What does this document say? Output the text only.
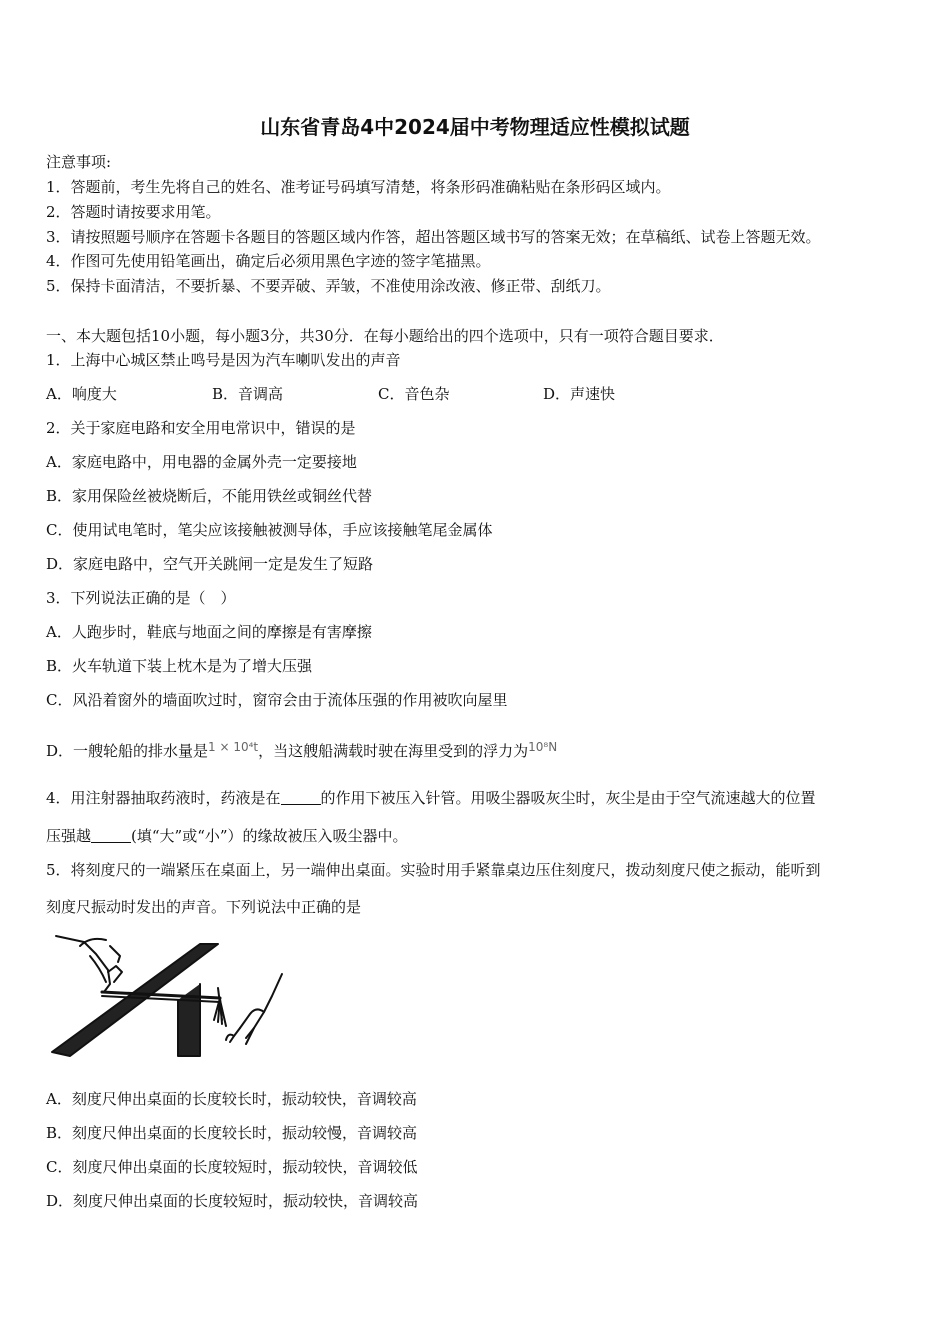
山东省青岛4中2024届中考物理适应性模拟试题
注意事项:
1．答题前，考生先将自己的姓名、准考证号码填写清楚，将条形码准确粘贴在条形码区域内。
2．答题时请按要求用笔。
3．请按照题号顺序在答题卡各题目的答题区域内作答，超出答题区域书写的答案无效；在草稿纸、试卷上答题无效。
4．作图可先使用铅笔画出，确定后必须用黑色字迹的签字笔描黑。
5．保持卡面清洁，不要折暴、不要弄破、弄皱，不准使用涂改液、修正带、刮纸刀。
一、本大题包括10小题，每小题3分，共30分．在每小题给出的四个选项中，只有一项符合题目要求．
1．上海中心城区禁止鸣号是因为汽车喇叭发出的声音
A．响度大	B．音调高	C．音色杂	D．声速快
2．关于家庭电路和安全用电常识中，错误的是
A．家庭电路中，用电器的金属外壳一定要接地
B．家用保险丝被烧断后，不能用铁丝或铜丝代替
C．使用试电笔时，笔尖应该接触被测导体，手应该接触笔尾金属体
D．家庭电路中，空气开关跳闸一定是发生了短路
3．下列说法正确的是（　）
A．人跑步时，鞋底与地面之间的摩擦是有害摩擦
B．火车轨道下装上枕木是为了增大压强
C．风沿着窗外的墙面吹过时，窗帘会由于流体压强的作用被吹向屋里
D．一艘轮船的排水量是$^{1 \times 10^4t}$，当这艘船满载时驶在海里受到的浮力为$^{10^8N}$
4．用注射器抽取药液时，药液是在	的作用下被压入针管。用吸尘器吸灰尘时，灰尘是由于空气流速越大的位置
压强越	(填“大”或“小”）的缘故被压入吸尘器中。
5．将刻度尺的一端紧压在桌面上，另一端伸出桌面。实验时用手紧靠桌边压住刻度尺，拨动刻度尺使之振动，能听到
刻度尺振动时发出的声音。下列说法中正确的是
A．刻度尺伸出桌面的长度较长时，振动较快，音调较高
B．刻度尺伸出桌面的长度较长时，振动较慢，音调较高
C．刻度尺伸出桌面的长度较短时，振动较快，音调较低
D．刻度尺伸出桌面的长度较短时，振动较快，音调较高
